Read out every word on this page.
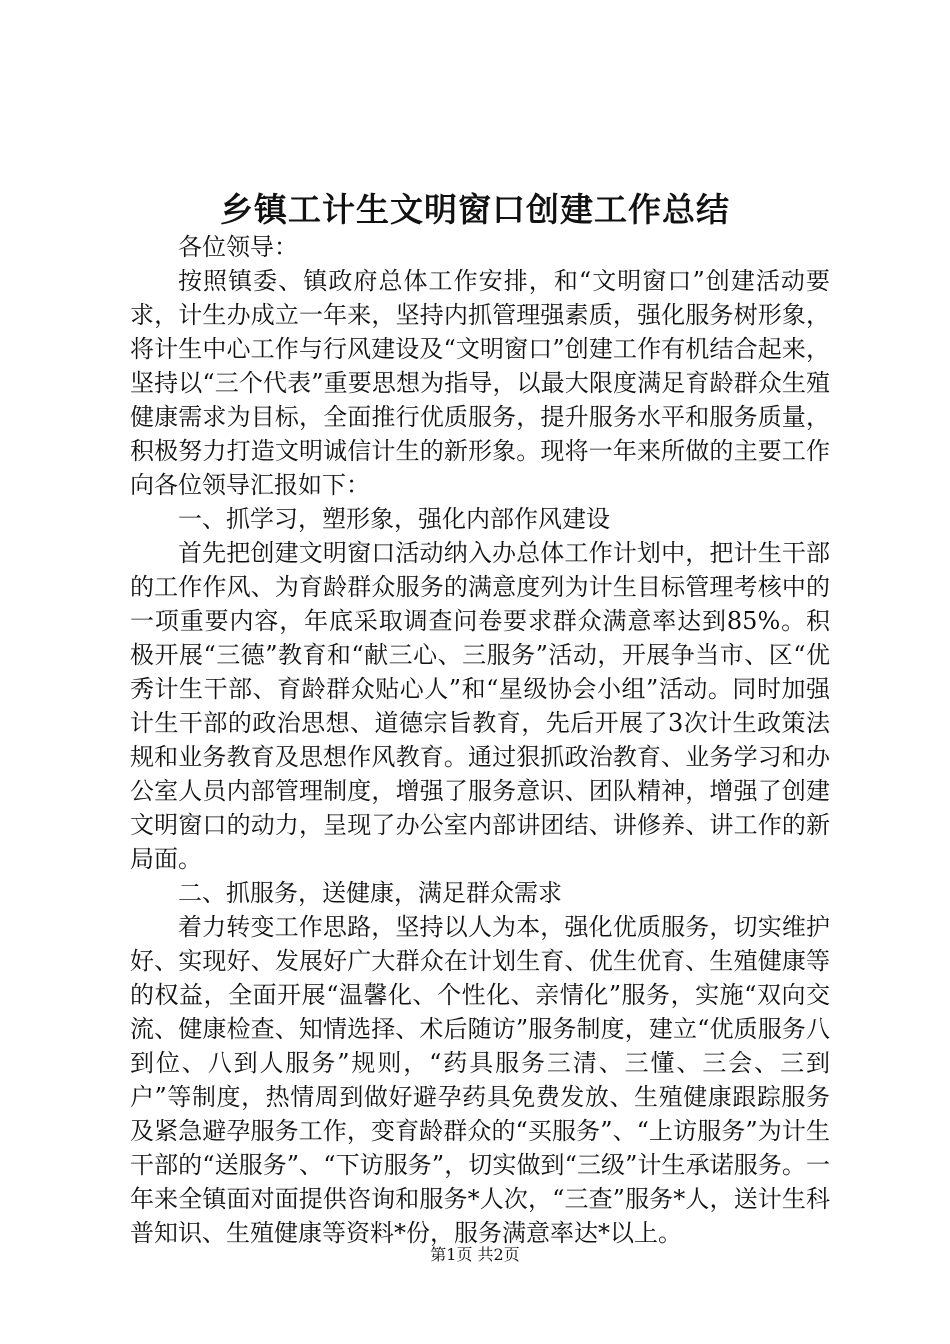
乡镇工计生文明窗口创建工作总结

各位领导：

按照镇委、镇政府总体工作安排，和“文明窗口”创建活动要求，计生办成立一年来，坚持内抓管理强素质，强化服务树形象，将计生中心工作与行风建设及“文明窗口”创建工作有机结合起来，坚持以“三个代表”重要思想为指导，以最大限度满足育龄群众生殖健康需求为目标，全面推行优质服务，提升服务水平和服务质量，积极努力打造文明诚信计生的新形象。现将一年来所做的主要工作向各位领导汇报如下：

一、抓学习，塑形象，强化内部作风建设

首先把创建文明窗口活动纳入办总体工作计划中，把计生干部的工作作风、为育龄群众服务的满意度列为计生目标管理考核中的一项重要内容，年底采取调查问卷要求群众满意率达到85%。积极开展“三德”教育和“献三心、三服务”活动，开展争当市、区“优秀计生干部、育龄群众贴心人”和“星级协会小组”活动。同时加强计生干部的政治思想、道德宗旨教育，先后开展了3次计生政策法规和业务教育及思想作风教育。通过狠抓政治教育、业务学习和办公室人员内部管理制度，增强了服务意识、团队精神，增强了创建文明窗口的动力，呈现了办公室内部讲团结、讲修养、讲工作的新局面。

二、抓服务，送健康，满足群众需求

着力转变工作思路，坚持以人为本，强化优质服务，切实维护好、实现好、发展好广大群众在计划生育、优生优育、生殖健康等的权益，全面开展“温馨化、个性化、亲情化”服务，实施“双向交流、健康检查、知情选择、术后随访”服务制度，建立“优质服务八到位、八到人服务”规则，“药具服务三清、三懂、三会、三到户”等制度，热情周到做好避孕药具免费发放、生殖健康跟踪服务及紧急避孕服务工作，变育龄群众的“买服务”、“上访服务”为计生干部的“送服务”、“下访服务”，切实做到“三级”计生承诺服务。一年来全镇面对面提供咨询和服务*人次，“三查”服务*人，送计生科普知识、生殖健康等资料*份，服务满意率达*以上。

第1页 共2页
